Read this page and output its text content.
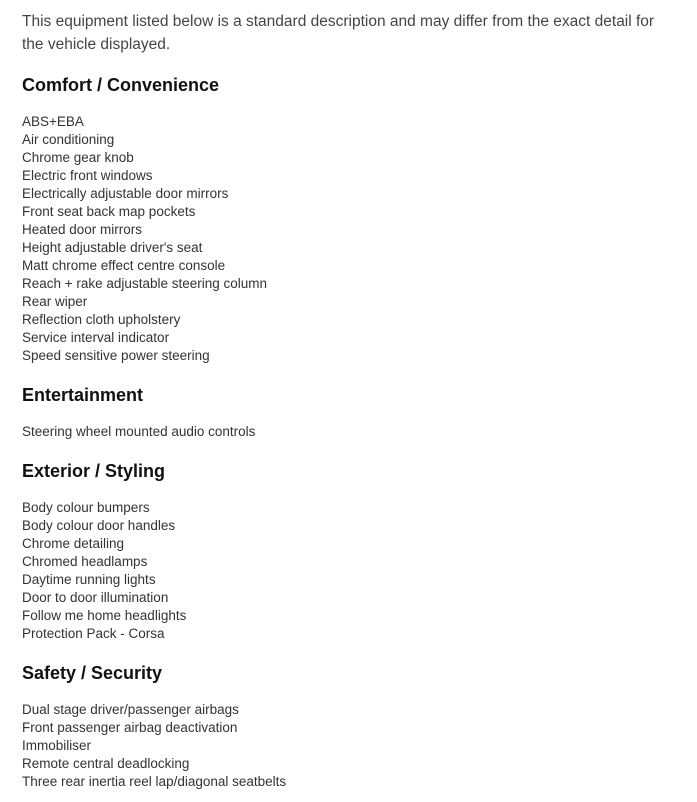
This equipment listed below is a standard description and may differ from the exact detail for the vehicle displayed.

Comfort / Convenience
ABS+EBA
Air conditioning
Chrome gear knob
Electric front windows
Electrically adjustable door mirrors
Front seat back map pockets
Heated door mirrors
Height adjustable driver's seat
Matt chrome effect centre console
Reach + rake adjustable steering column
Rear wiper
Reflection cloth upholstery
Service interval indicator
Speed sensitive power steering
Entertainment
Steering wheel mounted audio controls
Exterior / Styling
Body colour bumpers
Body colour door handles
Chrome detailing
Chromed headlamps
Daytime running lights
Door to door illumination
Follow me home headlights
Protection Pack - Corsa
Safety / Security
Dual stage driver/passenger airbags
Front passenger airbag deactivation
Immobiliser
Remote central deadlocking
Three rear inertia reel lap/diagonal seatbelts
